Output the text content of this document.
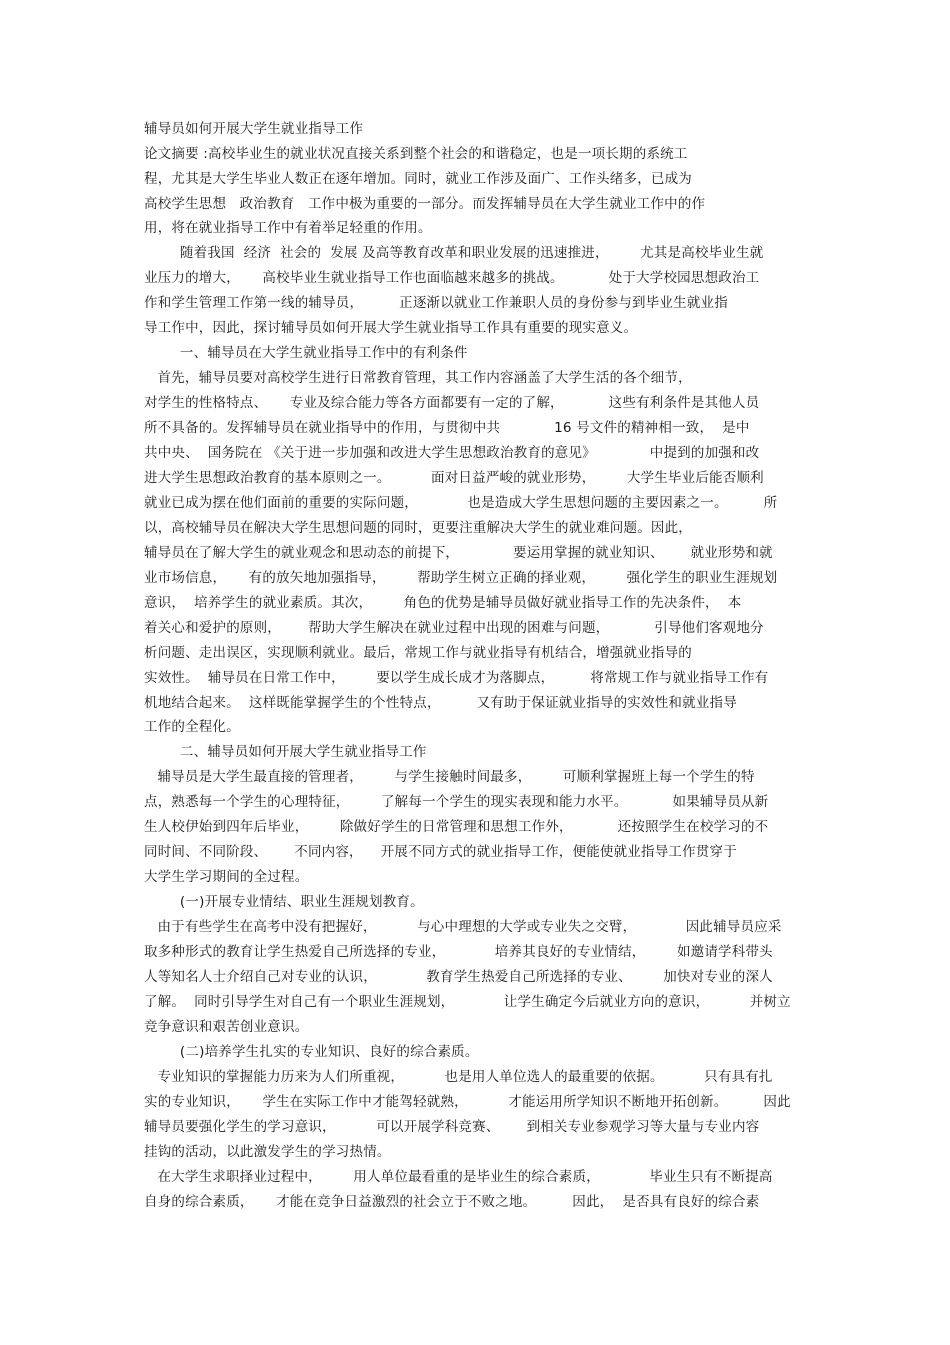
辅导员如何开展大学生就业指导工作
论文摘要 :高校毕业生的就业状况直接关系到整个社会的和谐稳定，也是一项长期的系统工
程，尤其是大学生毕业人数正在逐年增加。同时，就业工作涉及面广、工作头绪多，已成为
高校学生思想   政治教育   工作中极为重要的一部分。而发挥辅导员在大学生就业工作中的作
用，将在就业指导工作中有着举足轻重的作用。
随着我国  经济  社会的  发展 及高等教育改革和职业发展的迅速推进，       尤其是高校毕业生就
业压力的增大，     高校毕业生就业指导工作也面临越来越多的挑战。          处于大学校园思想政治工
作和学生管理工作第一线的辅导员，        正逐渐以就业工作兼职人员的身份参与到毕业生就业指
导工作中，因此，探讨辅导员如何开展大学生就业指导工作具有重要的现实意义。
一、辅导员在大学生就业指导工作中的有利条件
首先，辅导员要对高校学生进行日常教育管理，其工作内容涵盖了大学生活的各个细节，
对学生的性格特点、     专业及综合能力等各方面都要有一定的了解，          这些有利条件是其他人员
所不具备的。发挥辅导员在就业指导中的作用，与贯彻中共            16 号文件的精神相一致，  是中
共中央、  国务院在 《关于进一步加强和改进大学生思想政治教育的意见》            中提到的加强和改
进大学生思想政治教育的基本原则之一。         面对日益严峻的就业形势，       大学生毕业后能否顺利
就业已成为摆在他们面前的重要的实际问题，           也是造成大学生思想问题的主要因素之一。        所
以，高校辅导员在解决大学生思想问题的同时，更要注重解决大学生的就业难问题。因此，
辅导员在了解大学生的就业观念和思动态的前提下，            要运用掌握的就业知识、      就业形势和就
业市场信息，     有的放矢地加强指导，       帮助学生树立正确的择业观，       强化学生的职业生涯规划
意识，  培养学生的就业素质。其次，       角色的优势是辅导员做好就业指导工作的先决条件，  本
着关心和爱护的原则，      帮助大学生解决在就业过程中出现的困难与问题，          引导他们客观地分
析问题、走出误区，实现顺利就业。最后，常规工作与就业指导有机结合，增强就业指导的
实效性。  辅导员在日常工作中，       要以学生成长成才为落脚点，        将常规工作与就业指导工作有
机地结合起来。  这样既能掌握学生的个性特点，        又有助于保证就业指导的实效性和就业指导
工作的全程化。
二、辅导员如何开展大学生就业指导工作
辅导员是大学生最直接的管理者，       与学生接触时间最多，       可顺利掌握班上每一个学生的特
点，熟悉每一个学生的心理特征，       了解每一个学生的现实表现和能力水平。          如果辅导员从新
生人校伊始到四年后毕业，       除做好学生的日常管理和思想工作外，          还按照学生在校学习的不
同时间、不同阶段、      不同内容，    开展不同方式的就业指导工作，便能使就业指导工作贯穿于
大学生学习期间的全过程。
(一)开展专业情结、职业生涯规划教育。
由于有些学生在高考中没有把握好，         与心中理想的大学或专业失之交臂，           因此辅导员应采
取多种形式的教育让学生热爱自己所选择的专业，           培养其良好的专业情结，       如邀请学科带头
人等知名人士介绍自己对专业的认识，           教育学生热爱自己所选择的专业、       加快对专业的深人
了解。  同时引导学生对自己有一个职业生涯规划，           让学生确定今后就业方向的意识，         并树立
竞争意识和艰苦创业意识。
(二)培养学生扎实的专业知识、良好的综合素质。
专业知识的掌握能力历来为人们所重视，         也是用人单位选人的最重要的依据。         只有具有扎
实的专业知识，     学生在实际工作中才能驾轻就熟，         才能运用所学知识不断地开拓创新。        因此
辅导员要强化学生的学习意识，         可以开展学科竞赛、      到相关专业参观学习等大量与专业内容
挂钩的活动，以此激发学生的学习热情。
在大学生求职择业过程中，       用人单位最看重的是毕业生的综合素质，           毕业生只有不断提高
自身的综合素质，     才能在竞争日益激烈的社会立于不败之地。        因此，  是否具有良好的综合素
